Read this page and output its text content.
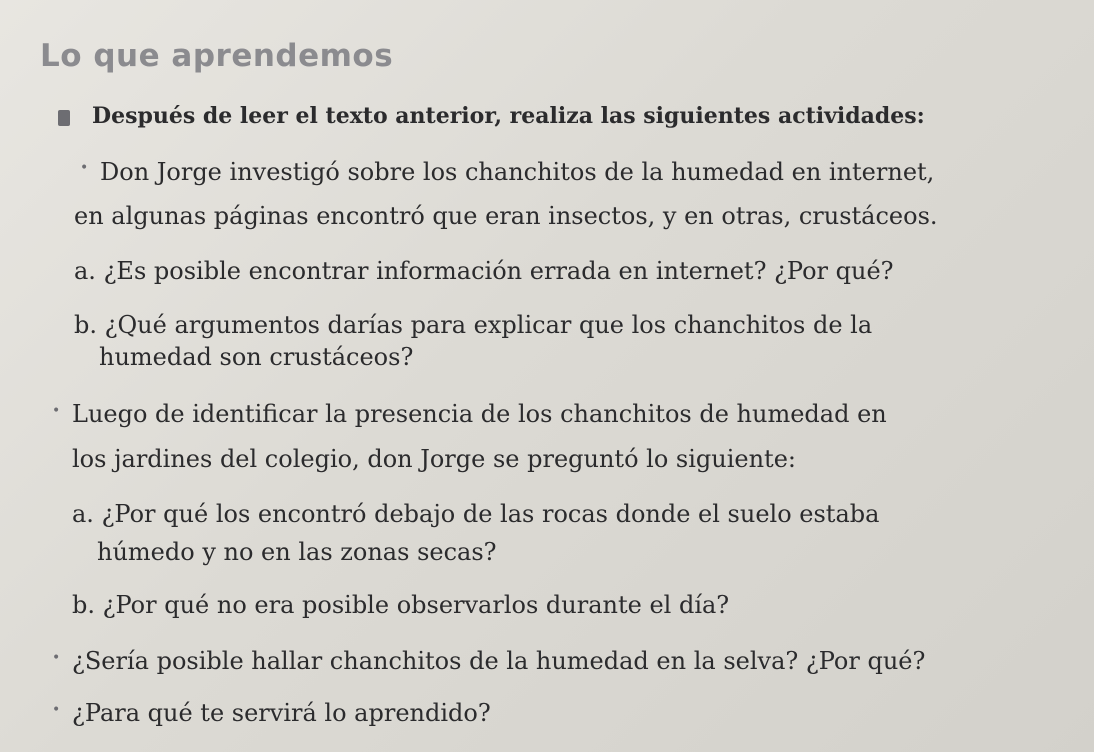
Lo que aprendemos
Después de leer el texto anterior, realiza las siguientes actividades:
• Don Jorge investigó sobre los chanchitos de la humedad en internet,
en algunas páginas encontró que eran insectos, y en otras, crustáceos.
a. ¿Es posible encontrar información errada en internet? ¿Por qué?
b. ¿Qué argumentos darías para explicar que los chanchitos de la
humedad son crustáceos?
• Luego de identificar la presencia de los chanchitos de humedad en
los jardines del colegio, don Jorge se preguntó lo siguiente:
a. ¿Por qué los encontró debajo de las rocas donde el suelo estaba
húmedo y no en las zonas secas?
b. ¿Por qué no era posible observarlos durante el día?
• ¿Sería posible hallar chanchitos de la humedad en la selva? ¿Por qué?
• ¿Para qué te servirá lo aprendido?
